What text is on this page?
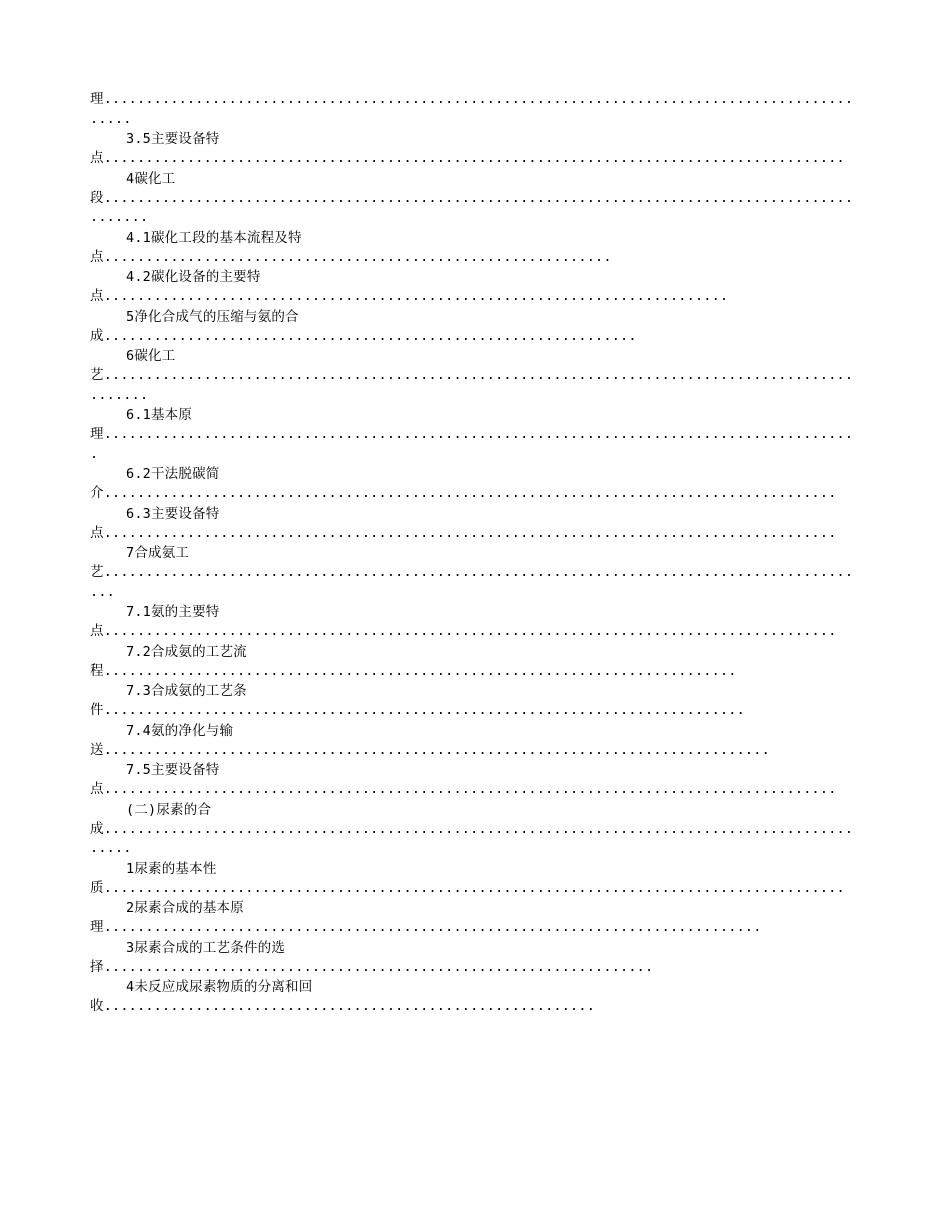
理...............................................................................................
3.5主要设备特
点.........................................................................................
4碳化工
段.................................................................................................
4.1碳化工段的基本流程及特
点.............................................................
4.2碳化设备的主要特
点...........................................................................
5净化合成气的压缩与氨的合
成................................................................
6碳化工
艺.................................................................................................
6.1基本原
理...........................................................................................
6.2干法脱碳简
介........................................................................................
6.3主要设备特
点........................................................................................
7合成氨工
艺.............................................................................................
7.1氨的主要特
点........................................................................................
7.2合成氨的工艺流
程............................................................................
7.3合成氨的工艺条
件.............................................................................
7.4氨的净化与输
送................................................................................
7.5主要设备特
点........................................................................................
(二)尿素的合
成...............................................................................................
1尿素的基本性
质.........................................................................................
2尿素合成的基本原
理...............................................................................
3尿素合成的工艺条件的选
择..................................................................
4未反应成尿素物质的分离和回
收...........................................................
